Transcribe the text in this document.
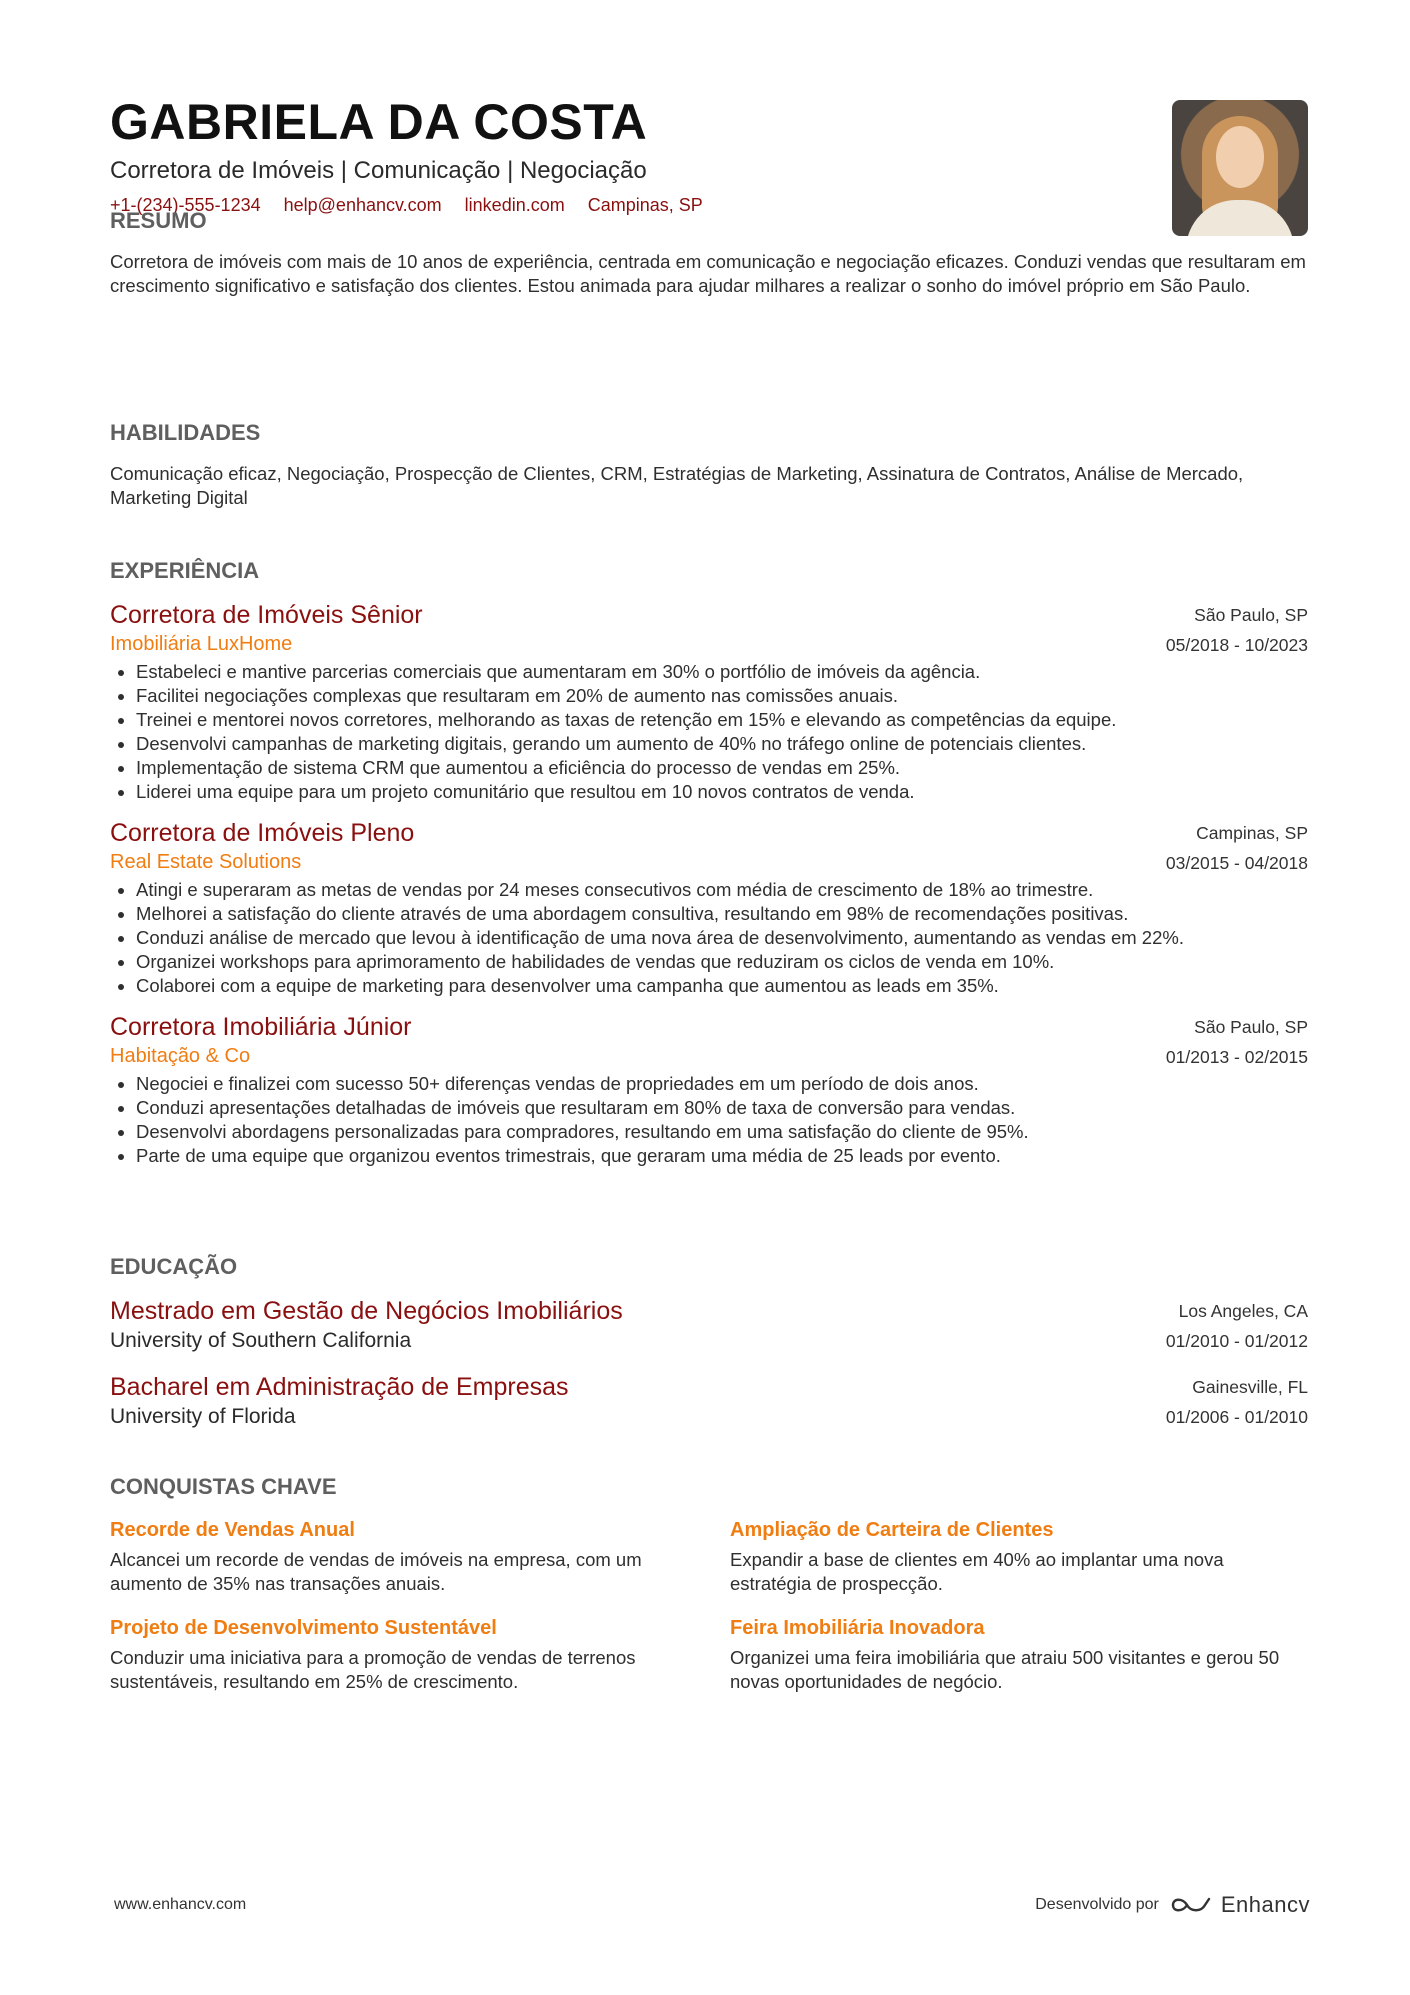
GABRIELA DA COSTA
Corretora de Imóveis | Comunicação | Negociação
+1-(234)-555-1234 help@enhancv.com linkedin.com Campinas, SP
RESUMO
Corretora de imóveis com mais de 10 anos de experiência, centrada em comunicação e negociação eficazes. Conduzi vendas que resultaram em crescimento significativo e satisfação dos clientes. Estou animada para ajudar milhares a realizar o sonho do imóvel próprio em São Paulo.
HABILIDADES
Comunicação eficaz, Negociação, Prospecção de Clientes, CRM, Estratégias de Marketing, Assinatura de Contratos, Análise de Mercado, Marketing Digital
EXPERIÊNCIA
Corretora de Imóveis Sênior
Imobiliária LuxHome
São Paulo, SP
05/2018 - 10/2023
• Estabeleci e mantive parcerias comerciais que aumentaram em 30% o portfólio de imóveis da agência.
• Facilitei negociações complexas que resultaram em 20% de aumento nas comissões anuais.
• Treinei e mentorei novos corretores, melhorando as taxas de retenção em 15% e elevando as competências da equipe.
• Desenvolvi campanhas de marketing digitais, gerando um aumento de 40% no tráfego online de potenciais clientes.
• Implementação de sistema CRM que aumentou a eficiência do processo de vendas em 25%.
• Liderei uma equipe para um projeto comunitário que resultou em 10 novos contratos de venda.
Corretora de Imóveis Pleno
Real Estate Solutions
Campinas, SP
03/2015 - 04/2018
• Atingi e superaram as metas de vendas por 24 meses consecutivos com média de crescimento de 18% ao trimestre.
• Melhorei a satisfação do cliente através de uma abordagem consultiva, resultando em 98% de recomendações positivas.
• Conduzi análise de mercado que levou à identificação de uma nova área de desenvolvimento, aumentando as vendas em 22%.
• Organizei workshops para aprimoramento de habilidades de vendas que reduziram os ciclos de venda em 10%.
• Colaborei com a equipe de marketing para desenvolver uma campanha que aumentou as leads em 35%.
Corretora Imobiliária Júnior
Habitação & Co
São Paulo, SP
01/2013 - 02/2015
• Negociei e finalizei com sucesso 50+ diferenças vendas de propriedades em um período de dois anos.
• Conduzi apresentações detalhadas de imóveis que resultaram em 80% de taxa de conversão para vendas.
• Desenvolvi abordagens personalizadas para compradores, resultando em uma satisfação do cliente de 95%.
• Parte de uma equipe que organizou eventos trimestrais, que geraram uma média de 25 leads por evento.
EDUCAÇÃO
Mestrado em Gestão de Negócios Imobiliários
University of Southern California
Los Angeles, CA
01/2010 - 01/2012
Bacharel em Administração de Empresas
University of Florida
Gainesville, FL
01/2006 - 01/2010
CONQUISTAS CHAVE
Recorde de Vendas Anual
Alcancei um recorde de vendas de imóveis na empresa, com um aumento de 35% nas transações anuais.
Ampliação de Carteira de Clientes
Expandir a base de clientes em 40% ao implantar uma nova estratégia de prospecção.
Projeto de Desenvolvimento Sustentável
Conduzir uma iniciativa para a promoção de vendas de terrenos sustentáveis, resultando em 25% de crescimento.
Feira Imobiliária Inovadora
Organizei uma feira imobiliária que atraiu 500 visitantes e gerou 50 novas oportunidades de negócio.
www.enhancv.com	Desenvolvido por	Enhancv
